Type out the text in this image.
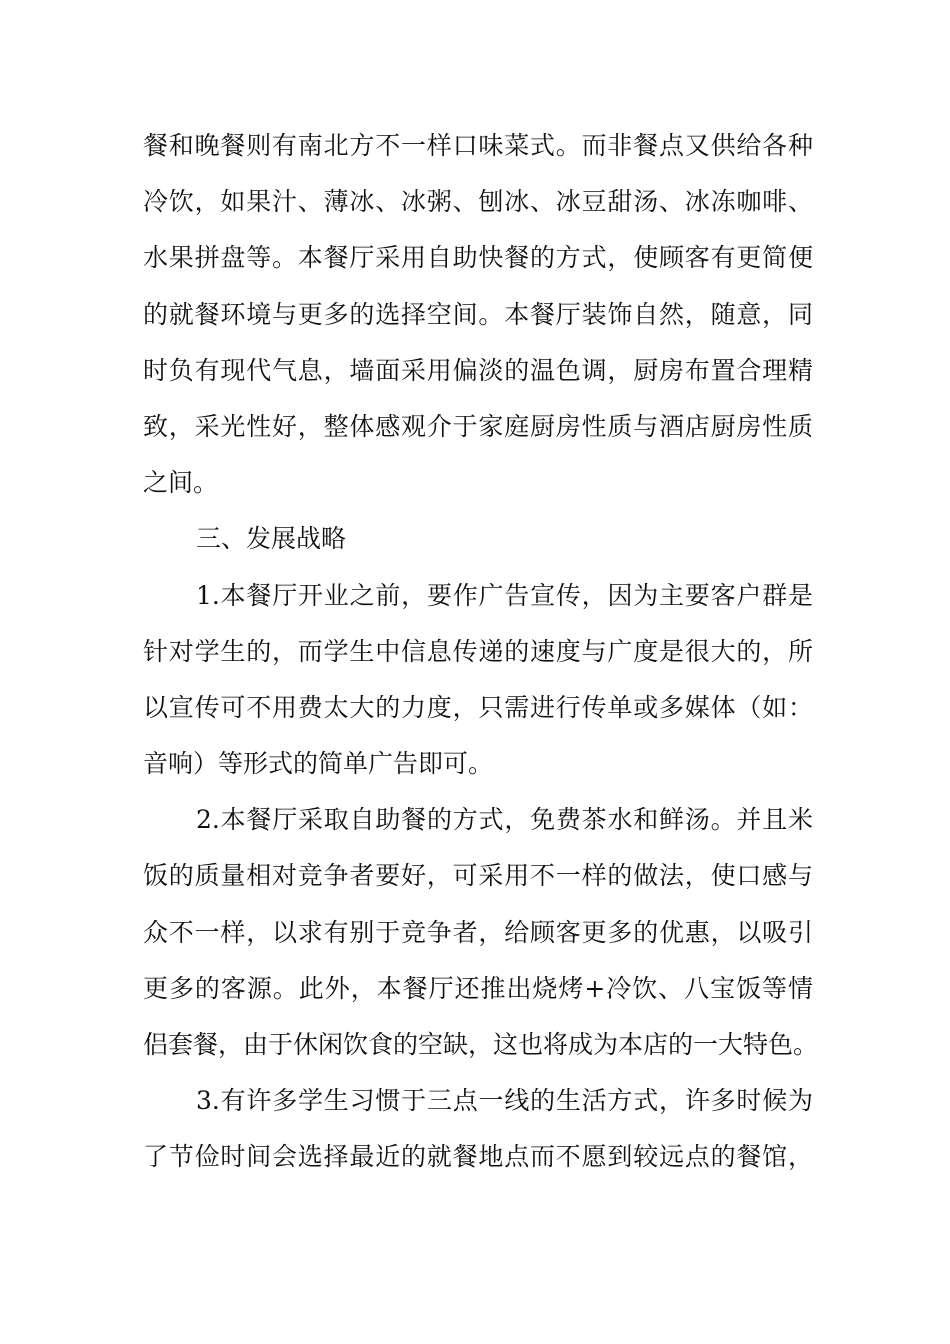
餐和晚餐则有南北方不一样口味菜式。而非餐点又供给各种
冷饮，如果汁、薄冰、冰粥、刨冰、冰豆甜汤、冰冻咖啡、
水果拼盘等。本餐厅采用自助快餐的方式，使顾客有更简便
的就餐环境与更多的选择空间。本餐厅装饰自然，随意，同
时负有现代气息，墙面采用偏淡的温色调，厨房布置合理精
致，采光性好，整体感观介于家庭厨房性质与酒店厨房性质
之间。
三、发展战略
1.本餐厅开业之前，要作广告宣传，因为主要客户群是
针对学生的，而学生中信息传递的速度与广度是很大的，所
以宣传可不用费太大的力度，只需进行传单或多媒体（如：
音响）等形式的简单广告即可。
2.本餐厅采取自助餐的方式，免费茶水和鲜汤。并且米
饭的质量相对竞争者要好，可采用不一样的做法，使口感与
众不一样，以求有别于竞争者，给顾客更多的优惠，以吸引
更多的客源。此外，本餐厅还推出烧烤+冷饮、八宝饭等情
侣套餐，由于休闲饮食的空缺，这也将成为本店的一大特色。
3.有许多学生习惯于三点一线的生活方式，许多时候为
了节俭时间会选择最近的就餐地点而不愿到较远点的餐馆，
